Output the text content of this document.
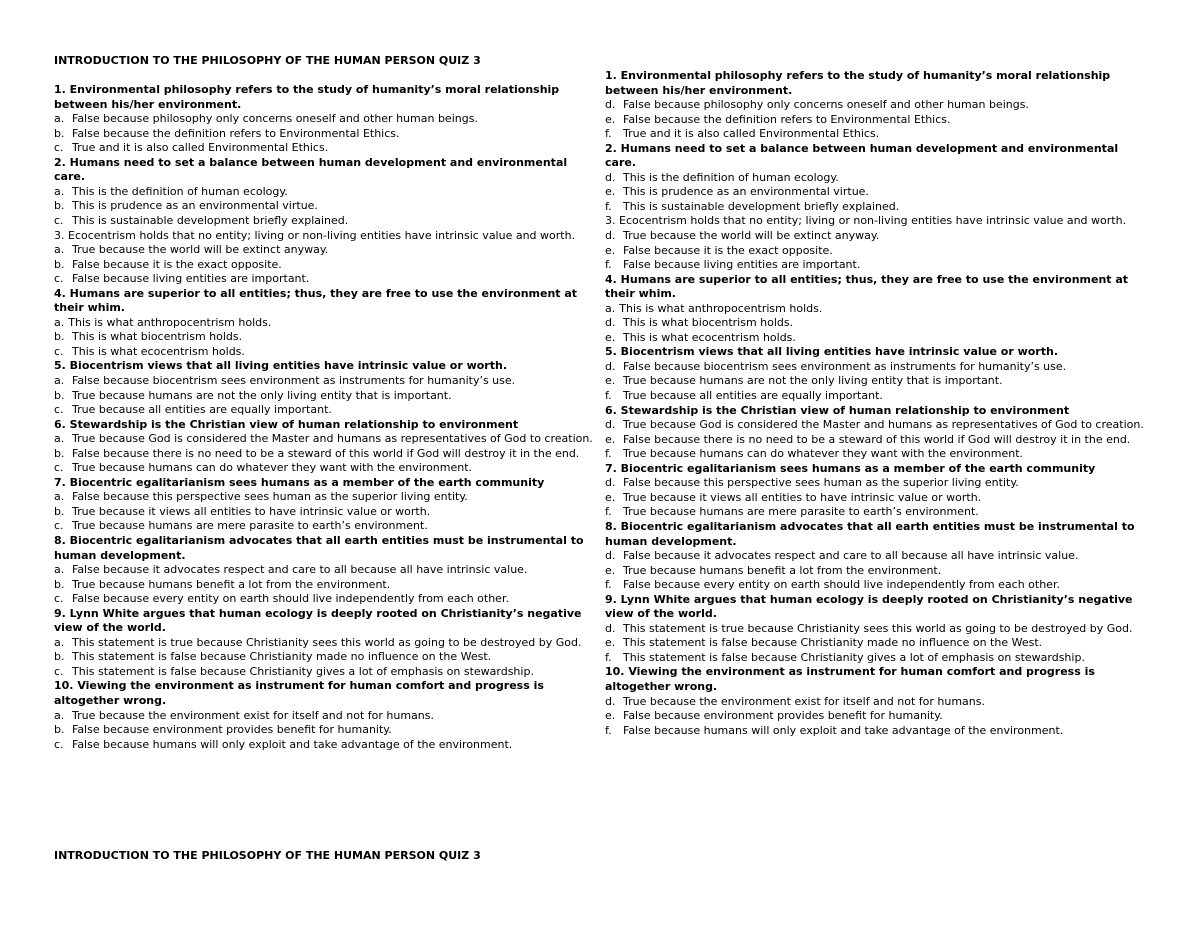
INTRODUCTION TO THE PHILOSOPHY OF THE HUMAN PERSON QUIZ 3
1. Environmental philosophy refers to the study of humanity’s moral relationship between his/her environment.
a. False because philosophy only concerns oneself and other human beings.
b. False because the definition refers to Environmental Ethics.
c. True and it is also called Environmental Ethics.
2. Humans need to set a balance between human development and environmental care.
a. This is the definition of human ecology.
b. This is prudence as an environmental virtue.
c. This is sustainable development briefly explained.
3. Ecocentrism holds that no entity; living or non-living entities have intrinsic value and worth.
a. True because the world will be extinct anyway.
b. False because it is the exact opposite.
c. False because living entities are important.
4. Humans are superior to all entities; thus, they are free to use the environment at their whim.
a. This is what anthropocentrism holds.
b. This is what biocentrism holds.
c. This is what ecocentrism holds.
5. Biocentrism views that all living entities have intrinsic value or worth.
a. False because biocentrism sees environment as instruments for humanity’s use.
b. True because humans are not the only living entity that is important.
c. True because all entities are equally important.
6. Stewardship is the Christian view of human relationship to environment
a. True because God is considered the Master and humans as representatives of God to creation.
b. False because there is no need to be a steward of this world if God will destroy it in the end.
c. True because humans can do whatever they want with the environment.
7. Biocentric egalitarianism sees humans as a member of the earth community
a. False because this perspective sees human as the superior living entity.
b. True because it views all entities to have intrinsic value or worth.
c. True because humans are mere parasite to earth’s environment.
8. Biocentric egalitarianism advocates that all earth entities must be instrumental to human development.
a. False because it advocates respect and care to all because all have intrinsic value.
b. True because humans benefit a lot from the environment.
c. False because every entity on earth should live independently from each other.
9. Lynn White argues that human ecology is deeply rooted on Christianity’s negative view of the world.
a. This statement is true because Christianity sees this world as going to be destroyed by God.
b. This statement is false because Christianity made no influence on the West.
c. This statement is false because Christianity gives a lot of emphasis on stewardship.
10. Viewing the environment as instrument for human comfort and progress is altogether wrong.
a. True because the environment exist for itself and not for humans.
b. False because environment provides benefit for humanity.
c. False because humans will only exploit and take advantage of the environment.
1. Environmental philosophy refers to the study of humanity’s moral relationship between his/her environment.
d. False because philosophy only concerns oneself and other human beings.
e. False because the definition refers to Environmental Ethics.
f.	True and it is also called Environmental Ethics.
2. Humans need to set a balance between human development and environmental care.
d. This is the definition of human ecology.
e. This is prudence as an environmental virtue.
f.	This is sustainable development briefly explained.
3. Ecocentrism holds that no entity; living or non-living entities have intrinsic value and worth.
d. True because the world will be extinct anyway.
e. False because it is the exact opposite.
f.	False because living entities are important.
4. Humans are superior to all entities; thus, they are free to use the environment at their whim.
a. This is what anthropocentrism holds.
d. This is what biocentrism holds.
e. This is what ecocentrism holds.
5. Biocentrism views that all living entities have intrinsic value or worth.
d. False because biocentrism sees environment as instruments for humanity’s use.
e. True because humans are not the only living entity that is important.
f.	True because all entities are equally important.
6. Stewardship is the Christian view of human relationship to environment
d. True because God is considered the Master and humans as representatives of God to creation.
e. False because there is no need to be a steward of this world if God will destroy it in the end.
f.	True because humans can do whatever they want with the environment.
7. Biocentric egalitarianism sees humans as a member of the earth community
d. False because this perspective sees human as the superior living entity.
e. True because it views all entities to have intrinsic value or worth.
f.	True because humans are mere parasite to earth’s environment.
8. Biocentric egalitarianism advocates that all earth entities must be instrumental to human development.
d. False because it advocates respect and care to all because all have intrinsic value.
e. True because humans benefit a lot from the environment.
f.	False because every entity on earth should live independently from each other.
9. Lynn White argues that human ecology is deeply rooted on Christianity’s negative view of the world.
d. This statement is true because Christianity sees this world as going to be destroyed by God.
e. This statement is false because Christianity made no influence on the West.
f.	This statement is false because Christianity gives a lot of emphasis on stewardship.
10. Viewing the environment as instrument for human comfort and progress is altogether wrong.
d. True because the environment exist for itself and not for humans.
e. False because environment provides benefit for humanity.
f.	False because humans will only exploit and take advantage of the environment.
INTRODUCTION TO THE PHILOSOPHY OF THE HUMAN PERSON QUIZ 3
